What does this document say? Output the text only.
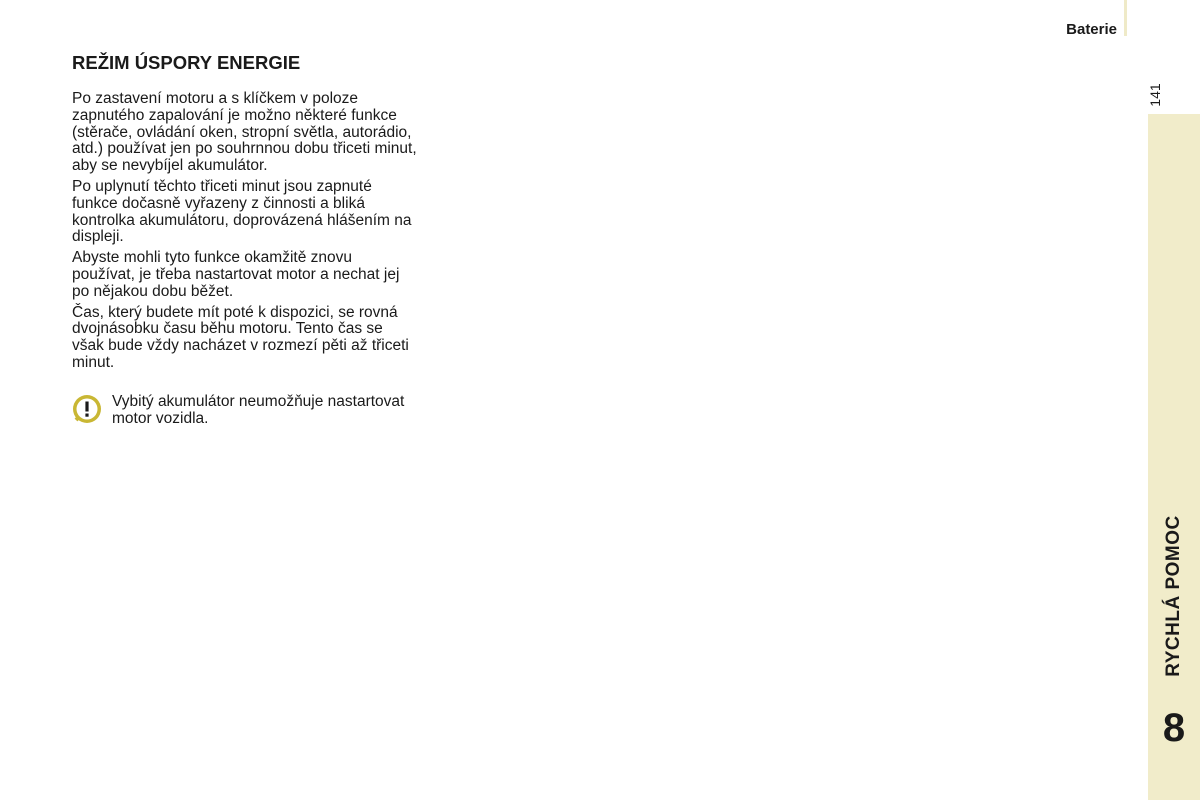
Baterie
141
RYCHLÁ POMOC
8
REŽIM ÚSPORY ENERGIE

Po zastavení motoru a s klíčkem v poloze zapnutého zapalování je možno některé funkce (stěrače, ovládání oken, stropní světla, autorádio, atd.) používat jen po souhrnnou dobu třiceti minut, aby se nevybíjel akumulátor.

Po uplynutí těchto třiceti minut jsou zapnuté funkce dočasně vyřazeny z činnosti a bliká kontrolka akumulátoru, doprovázená hlášením na displeji.

Abyste mohli tyto funkce okamžitě znovu používat, je třeba nastartovat motor a nechat jej po nějakou dobu běžet.

Čas, který budete mít poté k dispozici, se rovná dvojnásobku času běhu motoru. Tento čas se však bude vždy nacházet v rozmezí pěti až třiceti minut.

Vybitý akumulátor neumožňuje nastartovat motor vozidla.
